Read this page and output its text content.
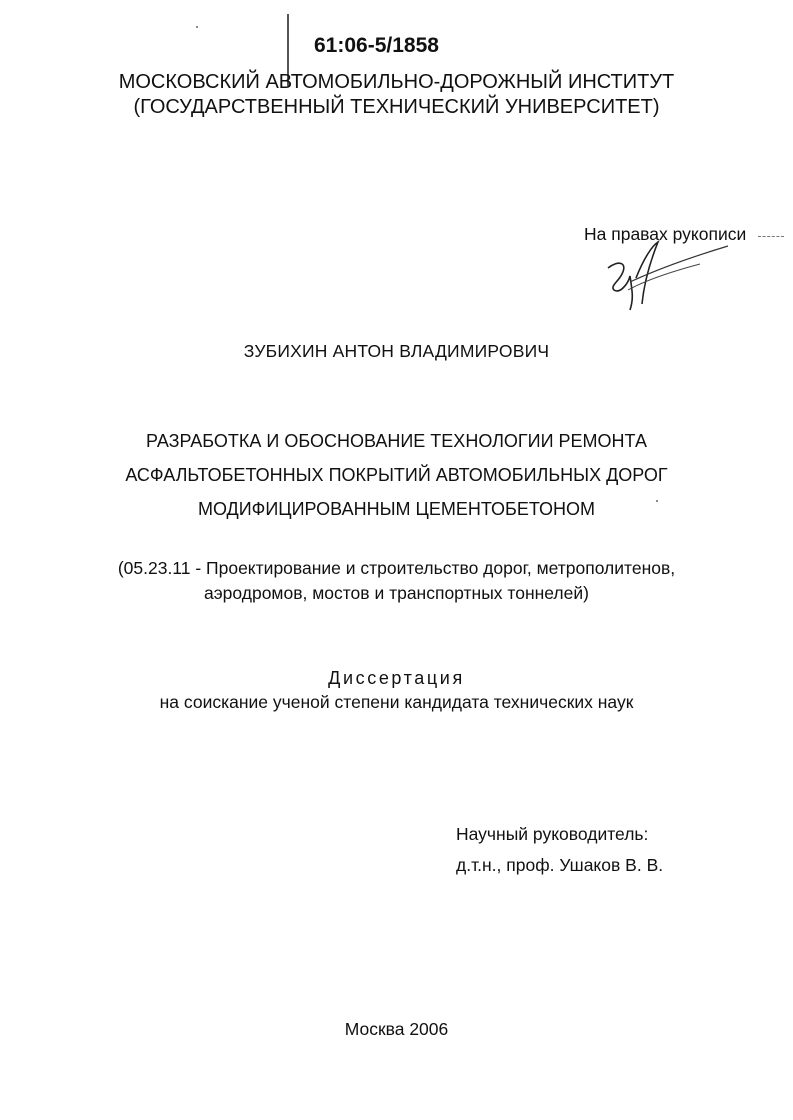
61:06-5/1858
МОСКОВСКИЙ АВТОМОБИЛЬНО-ДОРОЖНЫЙ ИНСТИТУТ
(ГОСУДАРСТВЕННЫЙ ТЕХНИЧЕСКИЙ УНИВЕРСИТЕТ)
На правах рукописи
ЗУБИХИН АНТОН ВЛАДИМИРОВИЧ
РАЗРАБОТКА И ОБОСНОВАНИЕ ТЕХНОЛОГИИ РЕМОНТА
АСФАЛЬТОБЕТОННЫХ ПОКРЫТИЙ АВТОМОБИЛЬНЫХ ДОРОГ
МОДИФИЦИРОВАННЫМ ЦЕМЕНТОБЕТОНОМ
(05.23.11 - Проектирование и строительство дорог, метрополитенов,
аэродромов, мостов и транспортных тоннелей)
Диссертация
на соискание ученой степени кандидата технических наук
Научный руководитель:
д.т.н., проф. Ушаков В. В.
Москва 2006
